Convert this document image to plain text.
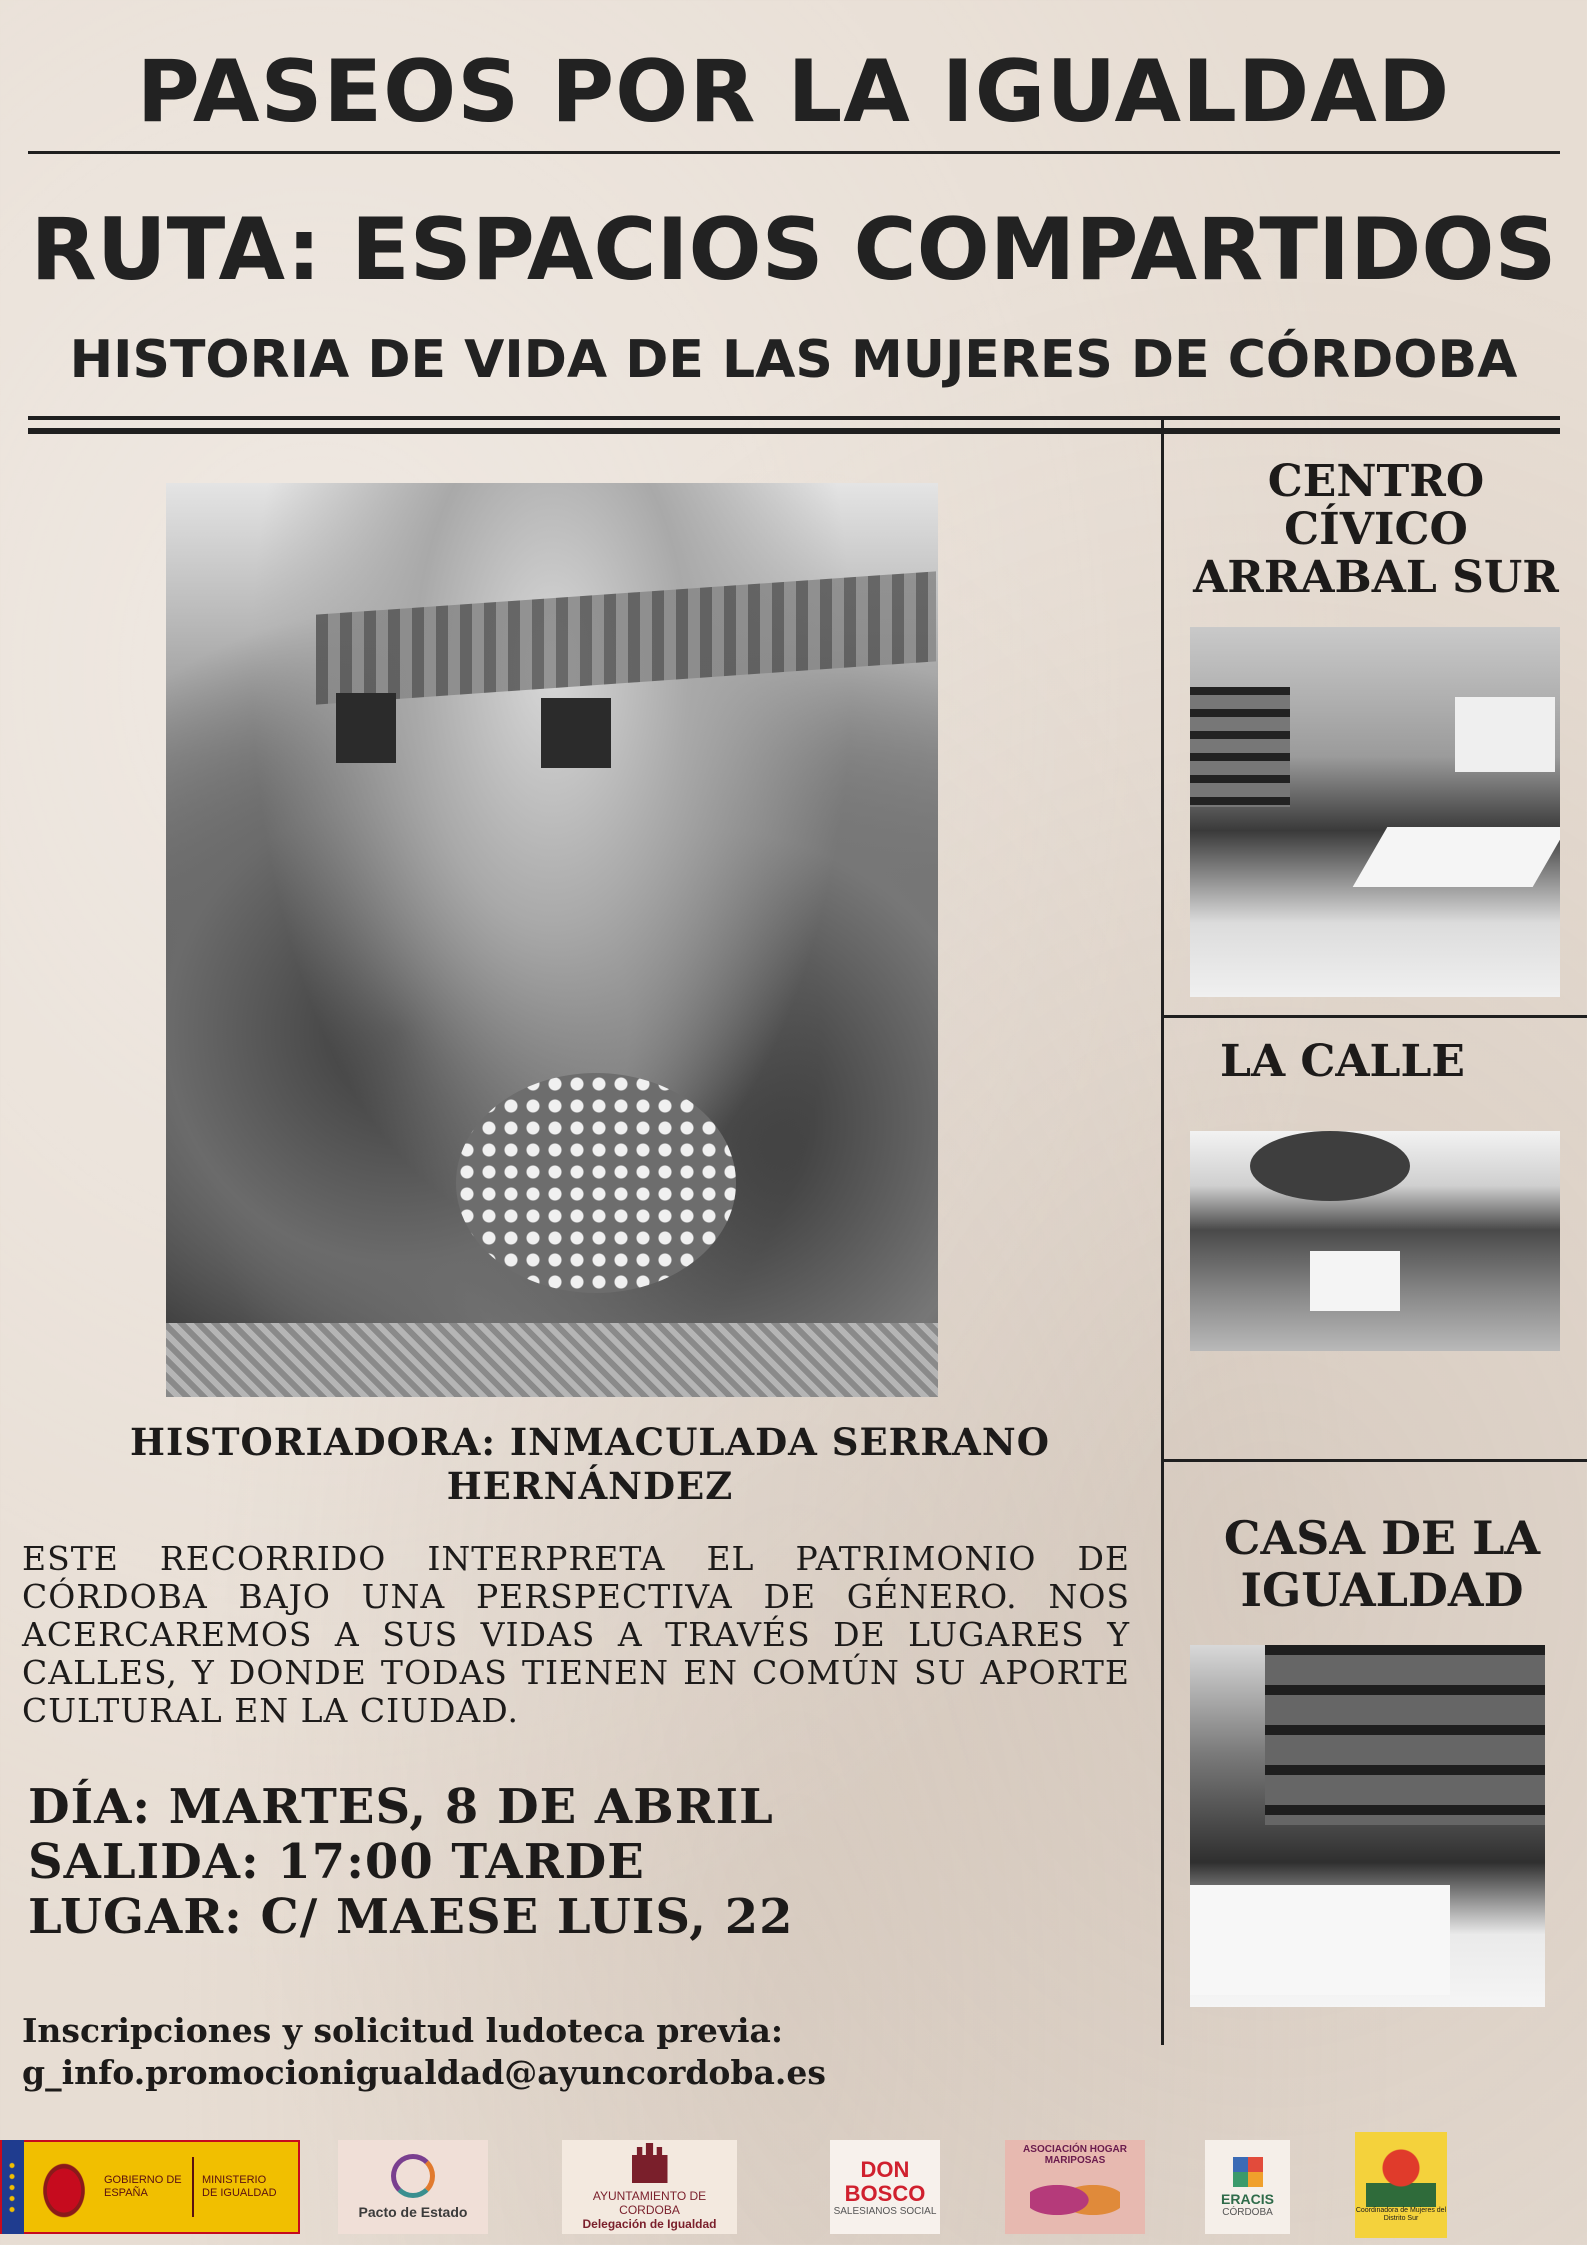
PASEOS POR LA IGUALDAD
RUTA: ESPACIOS COMPARTIDOS
HISTORIA DE VIDA DE LAS MUJERES DE CÓRDOBA
CENTRO CÍVICO ARRABAL SUR
LA CALLE
CASA DE LA IGUALDAD
HISTORIADORA: INMACULADA SERRANO HERNÁNDEZ
ESTE RECORRIDO INTERPRETA EL PATRIMONIO DE CÓRDOBA BAJO UNA PERSPECTIVA DE GÉNERO. NOS ACERCAREMOS A SUS VIDAS A TRAVÉS DE LUGARES Y CALLES, Y DONDE TODAS TIENEN EN COMÚN SU APORTE CULTURAL EN LA CIUDAD.
DÍA: MARTES, 8 DE ABRIL
SALIDA: 17:00 TARDE
LUGAR: C/ MAESE LUIS, 22
Inscripciones y solicitud ludoteca previa:
g_info.promocionigualdad@ayuncordoba.es
GOBIERNO DE ESPAÑA
MINISTERIO DE IGUALDAD
Pacto de Estado
AYUNTAMIENTO DE CORDOBA
Delegación de Igualdad
DON BOSCO
SALESIANOS SOCIAL
ASOCIACIÓN HOGAR MARIPOSAS
ERACIS
CÓRDOBA	Coordinadora de Mujeres del Distrito Sur
